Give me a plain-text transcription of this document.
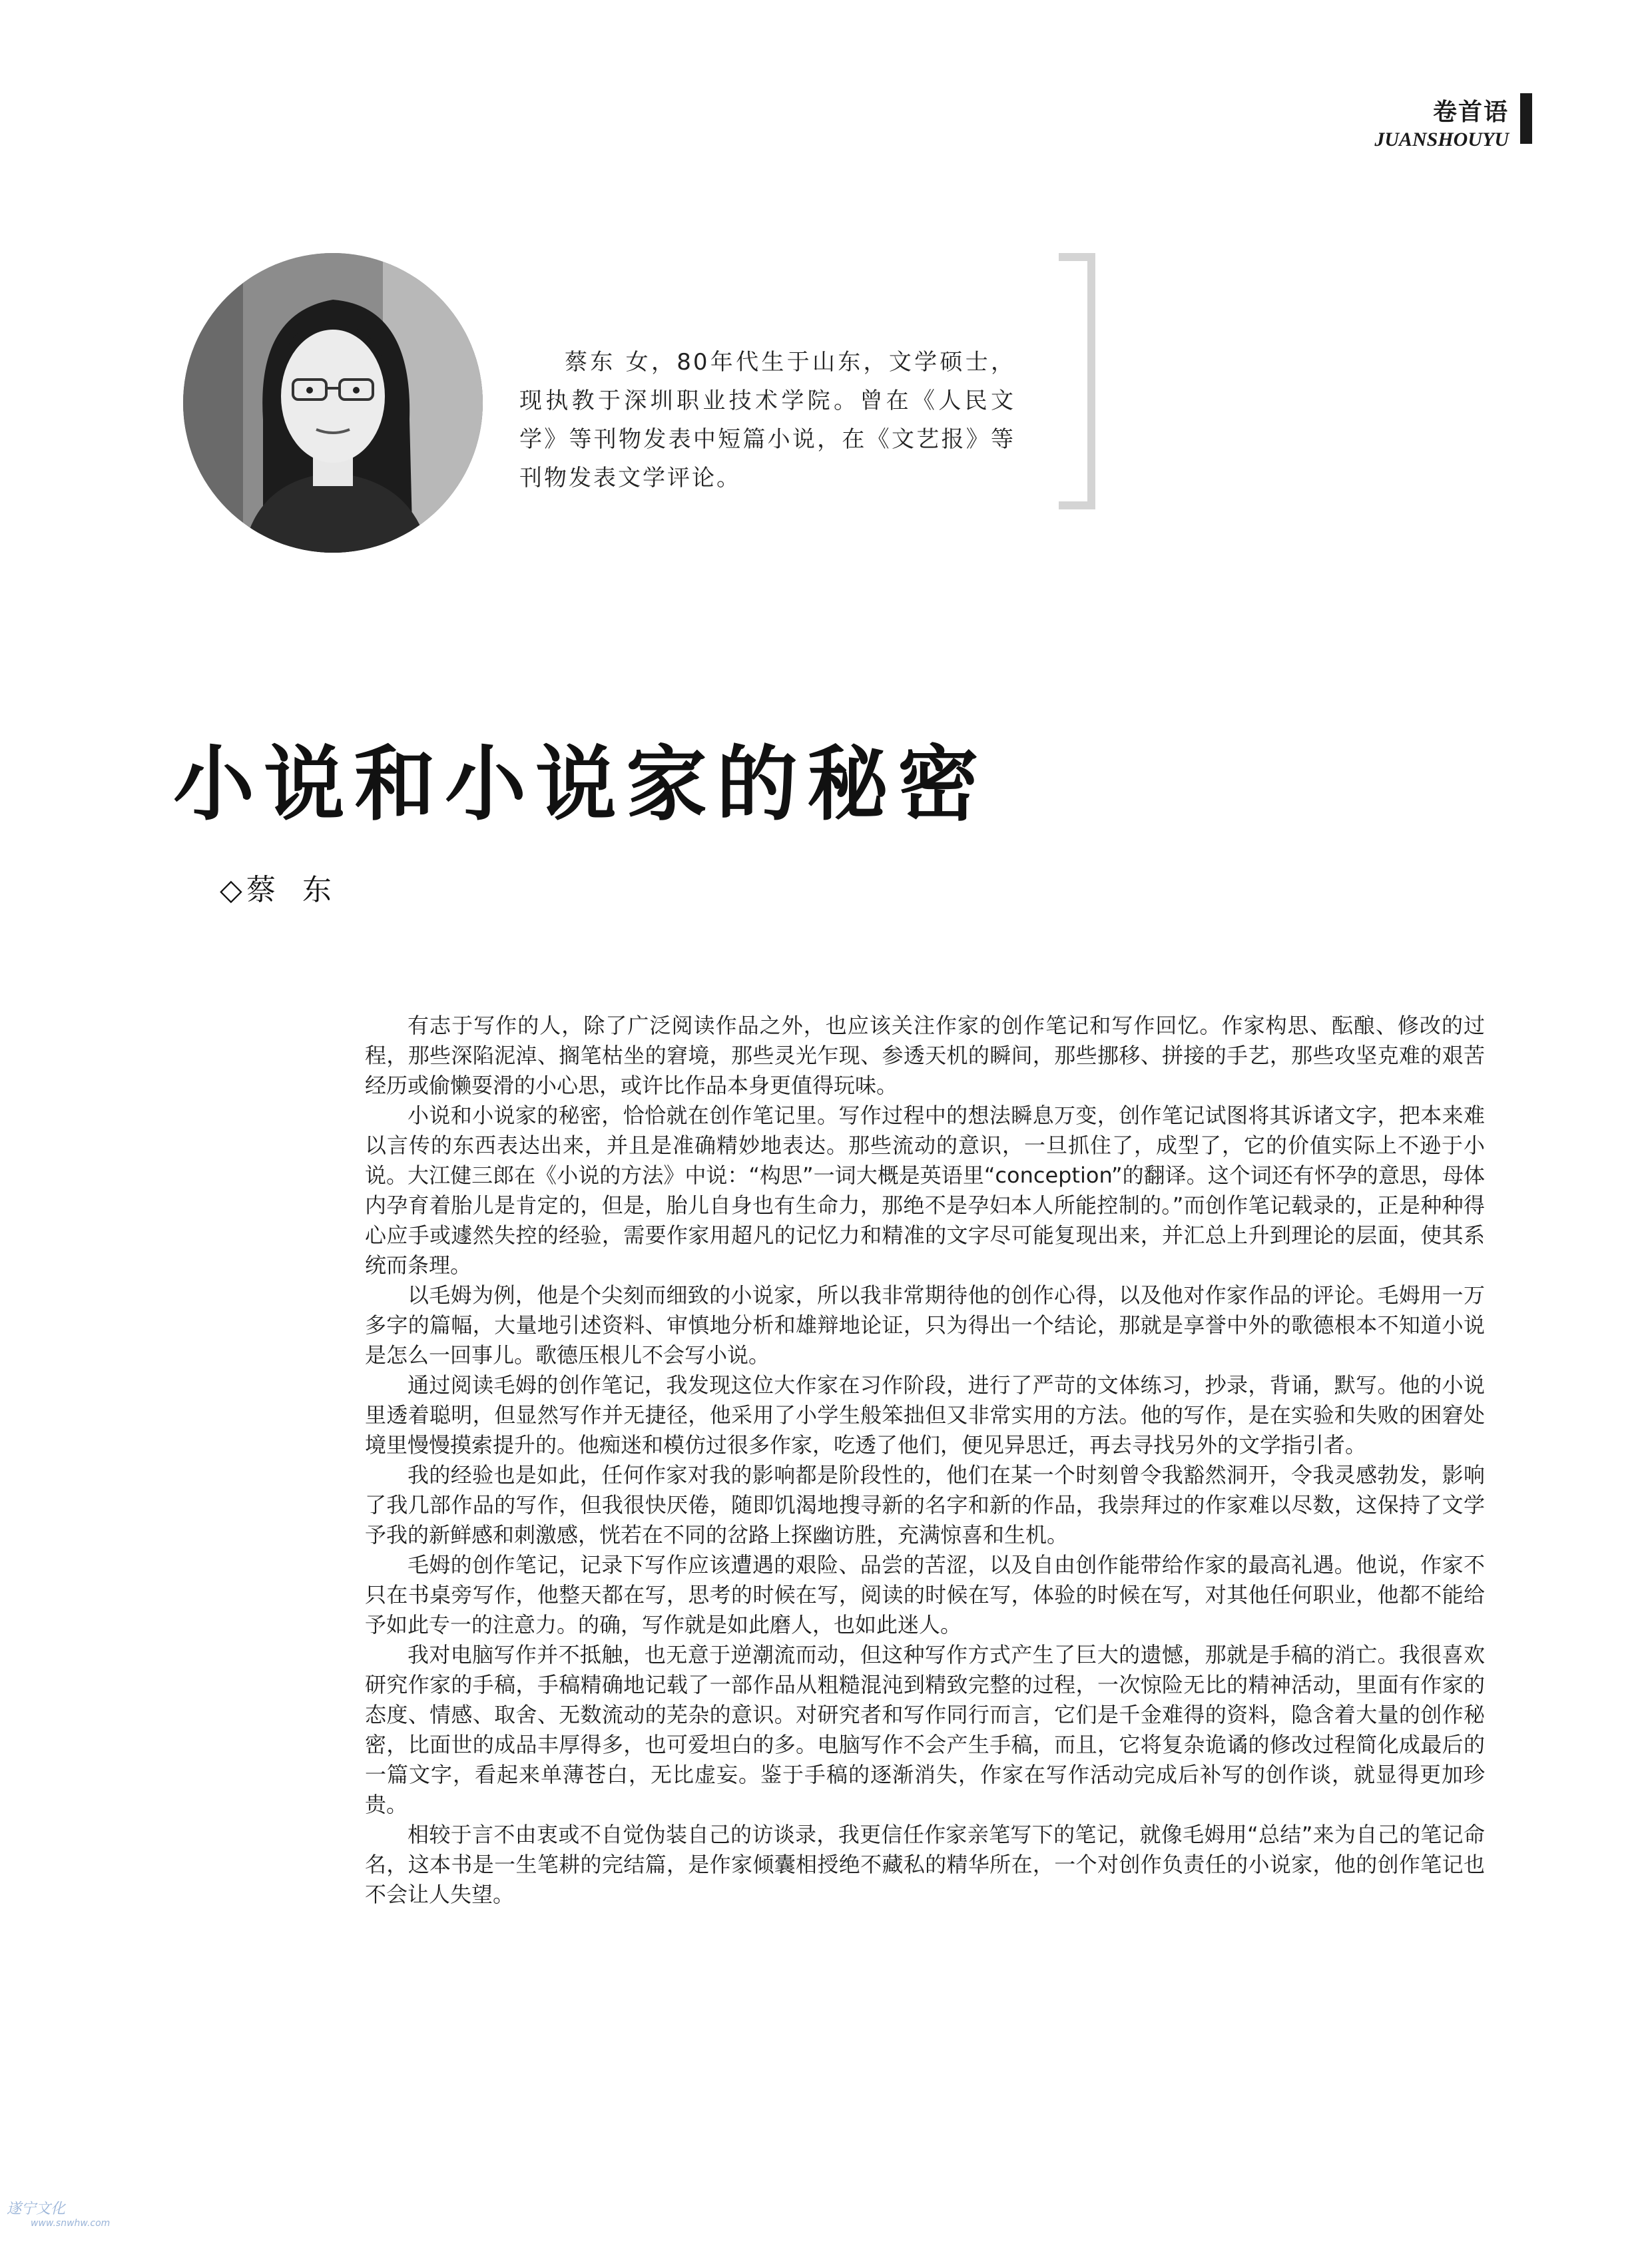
卷首语
JUANSHOUYU
蔡东 女，80年代生于山东，文学硕士，现执教于深圳职业技术学院。曾在《人民文学》等刊物发表中短篇小说，在《文艺报》等刊物发表文学评论。
小说和小说家的秘密
◇ 蔡东

有志于写作的人，除了广泛阅读作品之外，也应该关注作家的创作笔记和写作回忆。作家构思、酝酿、修改的过程，那些深陷泥淖、搁笔枯坐的窘境，那些灵光乍现、参透天机的瞬间，那些挪移、拼接的手艺，那些攻坚克难的艰苦经历或偷懒耍滑的小心思，或许比作品本身更值得玩味。

小说和小说家的秘密，恰恰就在创作笔记里。写作过程中的想法瞬息万变，创作笔记试图将其诉诸文字，把本来难以言传的东西表达出来，并且是准确精妙地表达。那些流动的意识，一旦抓住了，成型了，它的价值实际上不逊于小说。大江健三郎在《小说的方法》中说：“构思”一词大概是英语里“conception”的翻译。这个词还有怀孕的意思，母体内孕育着胎儿是肯定的，但是，胎儿自身也有生命力，那绝不是孕妇本人所能控制的。”而创作笔记载录的，正是种种得心应手或遽然失控的经验，需要作家用超凡的记忆力和精准的文字尽可能复现出来，并汇总上升到理论的层面，使其系统而条理。

以毛姆为例，他是个尖刻而细致的小说家，所以我非常期待他的创作心得，以及他对作家作品的评论。毛姆用一万多字的篇幅，大量地引述资料、审慎地分析和雄辩地论证，只为得出一个结论，那就是享誉中外的歌德根本不知道小说是怎么一回事儿。歌德压根儿不会写小说。

通过阅读毛姆的创作笔记，我发现这位大作家在习作阶段，进行了严苛的文体练习，抄录，背诵，默写。他的小说里透着聪明，但显然写作并无捷径，他采用了小学生般笨拙但又非常实用的方法。他的写作，是在实验和失败的困窘处境里慢慢摸索提升的。他痴迷和模仿过很多作家，吃透了他们，便见异思迁，再去寻找另外的文学指引者。

我的经验也是如此，任何作家对我的影响都是阶段性的，他们在某一个时刻曾令我豁然洞开，令我灵感勃发，影响了我几部作品的写作，但我很快厌倦，随即饥渴地搜寻新的名字和新的作品，我崇拜过的作家难以尽数，这保持了文学予我的新鲜感和刺激感，恍若在不同的岔路上探幽访胜，充满惊喜和生机。

毛姆的创作笔记，记录下写作应该遭遇的艰险、品尝的苦涩，以及自由创作能带给作家的最高礼遇。他说，作家不只在书桌旁写作，他整天都在写，思考的时候在写，阅读的时候在写，体验的时候在写，对其他任何职业，他都不能给予如此专一的注意力。的确，写作就是如此磨人，也如此迷人。

我对电脑写作并不抵触，也无意于逆潮流而动，但这种写作方式产生了巨大的遗憾，那就是手稿的消亡。我很喜欢研究作家的手稿，手稿精确地记载了一部作品从粗糙混沌到精致完整的过程，一次惊险无比的精神活动，里面有作家的态度、情感、取舍、无数流动的芜杂的意识。对研究者和写作同行而言，它们是千金难得的资料，隐含着大量的创作秘密，比面世的成品丰厚得多，也可爱坦白的多。电脑写作不会产生手稿，而且，它将复杂诡谲的修改过程简化成最后的一篇文字，看起来单薄苍白，无比虚妄。鉴于手稿的逐渐消失，作家在写作活动完成后补写的创作谈，就显得更加珍贵。

相较于言不由衷或不自觉伪装自己的访谈录，我更信任作家亲笔写下的笔记，就像毛姆用“总结”来为自己的笔记命名，这本书是一生笔耕的完结篇，是作家倾囊相授绝不藏私的精华所在，一个对创作负责任的小说家，他的创作笔记也不会让人失望。

遂宁文化
www.snwhw.com
